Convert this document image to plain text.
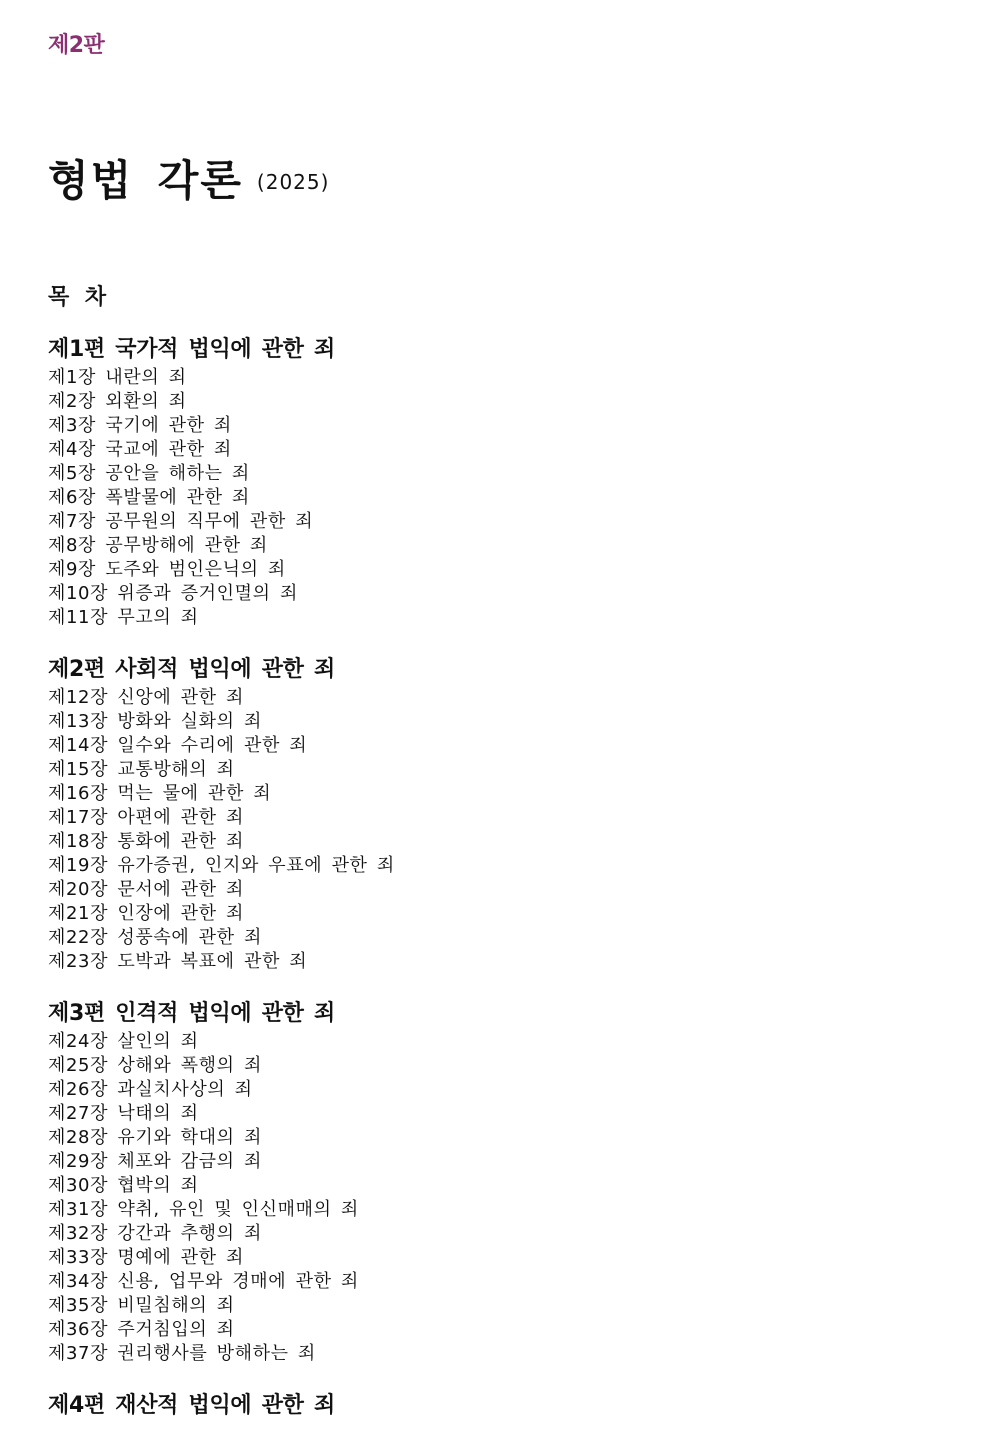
제2판
형법 각론 (2025)
목 차
제1편 국가적 법익에 관한 죄
제1장 내란의 죄
제2장 외환의 죄
제3장 국기에 관한 죄
제4장 국교에 관한 죄
제5장 공안을 해하는 죄
제6장 폭발물에 관한 죄
제7장 공무원의 직무에 관한 죄
제8장 공무방해에 관한 죄
제9장 도주와 범인은닉의 죄
제10장 위증과 증거인멸의 죄
제11장 무고의 죄
제2편 사회적 법익에 관한 죄
제12장 신앙에 관한 죄
제13장 방화와 실화의 죄
제14장 일수와 수리에 관한 죄
제15장 교통방해의 죄
제16장 먹는 물에 관한 죄
제17장 아편에 관한 죄
제18장 통화에 관한 죄
제19장 유가증권, 인지와 우표에 관한 죄
제20장 문서에 관한 죄
제21장 인장에 관한 죄
제22장 성풍속에 관한 죄
제23장 도박과 복표에 관한 죄
제3편 인격적 법익에 관한 죄
제24장 살인의 죄
제25장 상해와 폭행의 죄
제26장 과실치사상의 죄
제27장 낙태의 죄
제28장 유기와 학대의 죄
제29장 체포와 감금의 죄
제30장 협박의 죄
제31장 약취, 유인 및 인신매매의 죄
제32장 강간과 추행의 죄
제33장 명예에 관한 죄
제34장 신용, 업무와 경매에 관한 죄
제35장 비밀침해의 죄
제36장 주거침입의 죄
제37장 권리행사를 방해하는 죄
제4편 재산적 법익에 관한 죄
